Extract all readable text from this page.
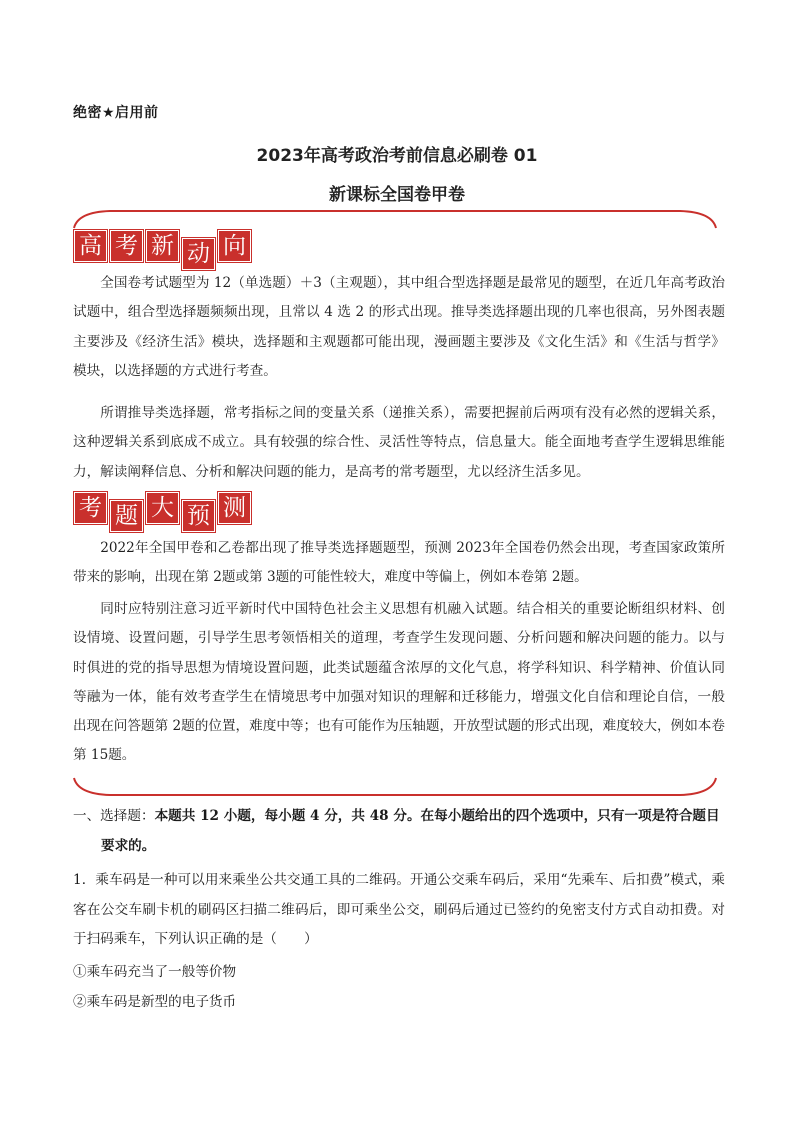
绝密★启用前
2023年高考政治考前信息必刷卷 01
新课标全国卷甲卷
高 考 新 动 向

全国卷考试题型为 12（单选题）＋3（主观题），其中组合型选择题是最常见的题型，在近几年高考政治试题中，组合型选择题频频出现，且常以 4 选 2 的形式出现。推导类选择题出现的几率也很高，另外图表题主要涉及《经济生活》模块，选择题和主观题都可能出现，漫画题主要涉及《文化生活》和《生活与哲学》模块，以选择题的方式进行考查。

所谓推导类选择题，常考指标之间的变量关系（递推关系），需要把握前后两项有没有必然的逻辑关系，这种逻辑关系到底成不成立。具有较强的综合性、灵活性等特点，信息量大。能全面地考查学生逻辑思维能力，解读阐释信息、分析和解决问题的能力，是高考的常考题型，尤以经济生活多见。

考 题 大 预 测

2022年全国甲卷和乙卷都出现了推导类选择题题型，预测 2023年全国卷仍然会出现，考查国家政策所带来的影响，出现在第 2题或第 3题的可能性较大，难度中等偏上，例如本卷第 2题。

同时应特别注意习近平新时代中国特色社会主义思想有机融入试题。结合相关的重要论断组织材料、创设情境、设置问题，引导学生思考领悟相关的道理，考查学生发现问题、分析问题和解决问题的能力。以与时俱进的党的指导思想为情境设置问题，此类试题蕴含浓厚的文化气息，将学科知识、科学精神、价值认同等融为一体，能有效考查学生在情境思考中加强对知识的理解和迁移能力，增强文化自信和理论自信，一般出现在问答题第 2题的位置，难度中等；也有可能作为压轴题，开放型试题的形式出现，难度较大，例如本卷第 15题。

一、选择题：本题共 12 小题，每小题 4 分，共 48 分。在每小题给出的四个选项中，只有一项是符合题目
要求的。

1．乘车码是一种可以用来乘坐公共交通工具的二维码。开通公交乘车码后，采用“先乘车、后扣费”模式，乘客在公交车刷卡机的刷码区扫描二维码后，即可乘坐公交，刷码后通过已签约的免密支付方式自动扣费。对于扫码乘车，下列认识正确的是（　　）

①乘车码充当了一般等价物
②乘车码是新型的电子货币
